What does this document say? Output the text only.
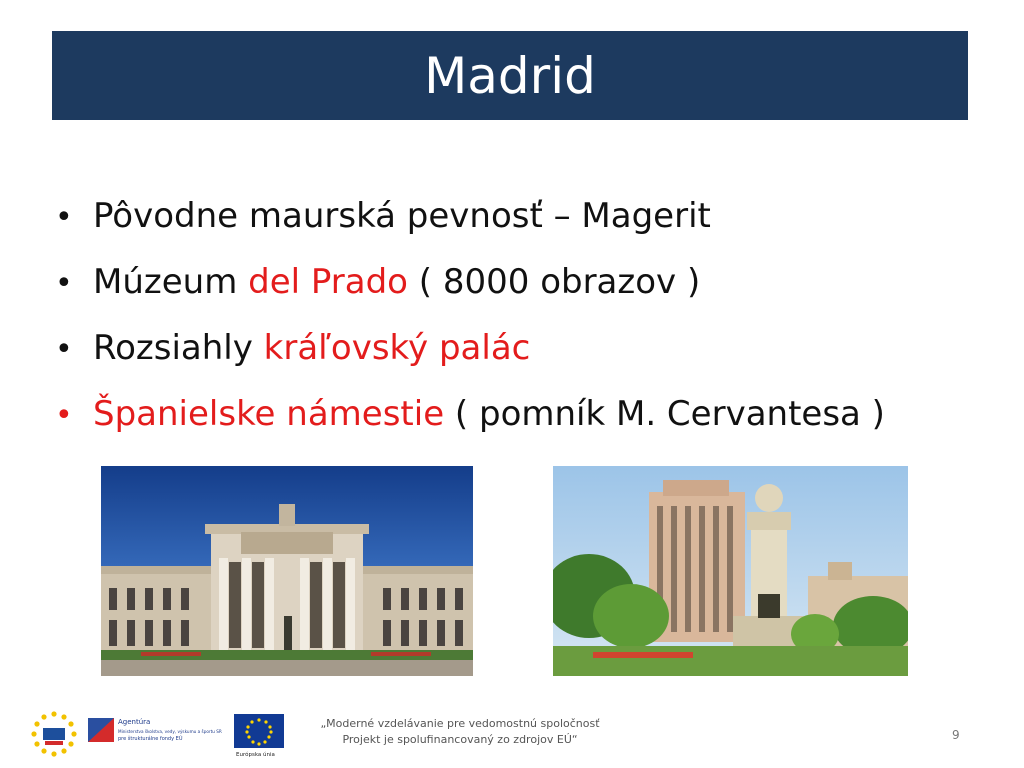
Madrid
• Pôvodne maurská pevnosť – Magerit
• Múzeum del Prado ( 8000 obrazov )
• Rozsiahly kráľovský palác
• Španielske námestie ( pomník M. Cervantesa )
Agentúra
Ministerstva školstva, vedy, výskumu a športu SR
pre štrukturálne fondy EÚ
Európska únia
„Moderné vzdelávanie pre vedomostnú spoločnosť
Projekt je spolufinancovaný zo zdrojov EÚ“	9
